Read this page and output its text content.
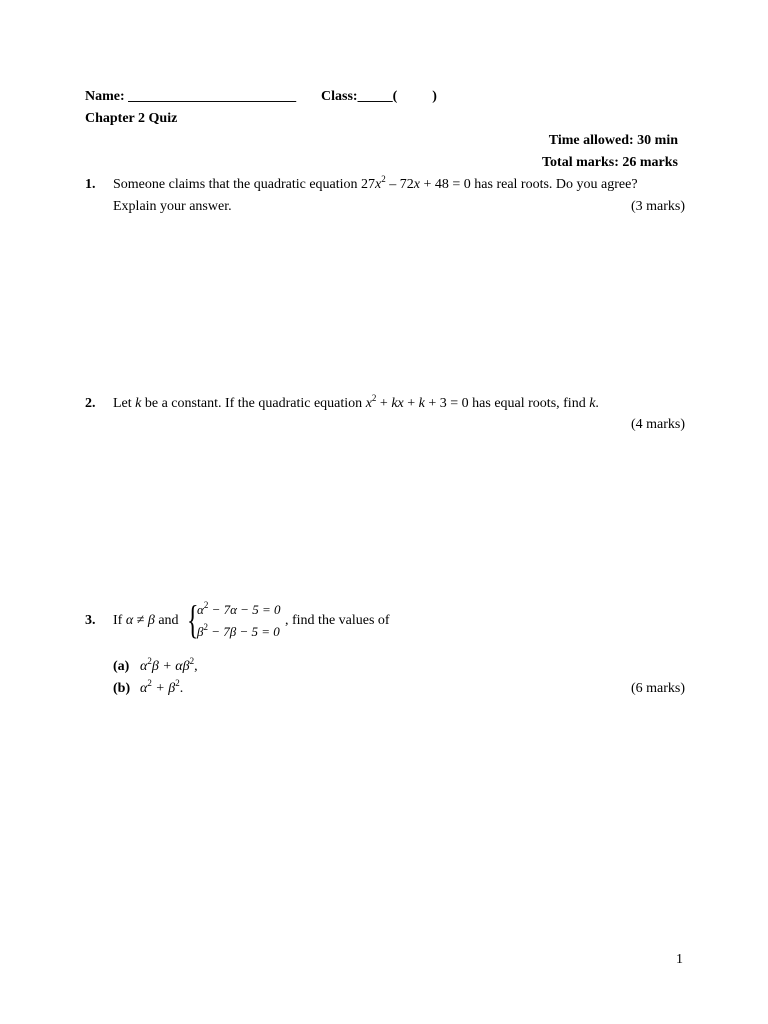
Name: ________________________ Class:_____(          )
Chapter 2 Quiz
Time allowed: 30 min
Total marks: 26 marks
1. Someone claims that the quadratic equation $27x^2 - 72x + 48 = 0$ has real roots. Do you agree?
Explain your answer.	(3 marks)
2. Let k be a constant. If the quadratic equation $x^2$ + kx + k + 3 = 0 has equal roots, find k.
(4 marks)
3. If α ≠ β and {
$\alpha^2 - 7\alpha - 5 = 0$
$\beta^2 - 7\beta - 5 = 0$
, find the values of
(a) $\alpha^2\beta + \alpha\beta^2$,
(b) $\alpha^2 + \beta^2$.	(6 marks)
1
